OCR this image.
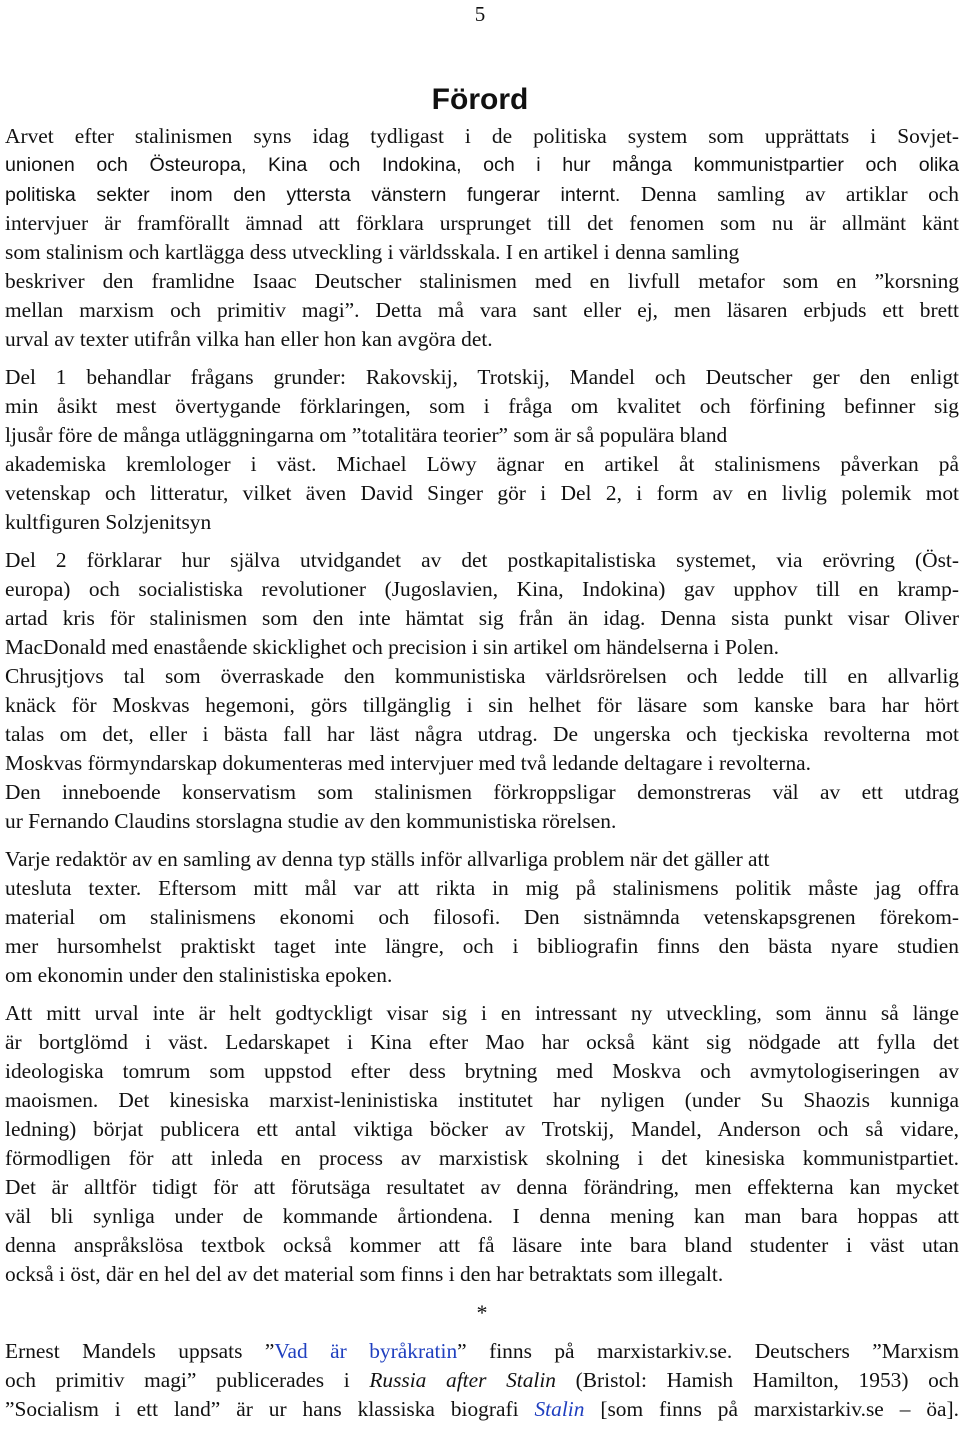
5
Förord
Arvet efter stalinismen syns idag tydligast i de politiska system som upprättats i Sovjet-
unionen och Östeuropa, Kina och Indokina, och i hur många kommunistpartier och olika
politiska sekter inom den yttersta vänstern fungerar internt. Denna samling av artiklar och
intervjuer är framförallt ämnad att förklara ursprunget till det fenomen som nu är allmänt känt
som stalinism och kartlägga dess utveckling i världsskala. I en artikel i denna samling
beskriver den framlidne Isaac Deutscher stalinismen med en livfull metafor som en ”korsning
mellan marxism och primitiv magi”. Detta må vara sant eller ej, men läsaren erbjuds ett brett
urval av texter utifrån vilka han eller hon kan avgöra det.
Del 1 behandlar frågans grunder: Rakovskij, Trotskij, Mandel och Deutscher ger den enligt
min åsikt mest övertygande förklaringen, som i fråga om kvalitet och förfining befinner sig
ljusår före de många utläggningarna om ”totalitära teorier” som är så populära bland
akademiska kremlologer i väst. Michael Löwy ägnar en artikel åt stalinismens påverkan på
vetenskap och litteratur, vilket även David Singer gör i Del 2, i form av en livlig polemik mot
kultfiguren Solzjenitsyn
Del 2 förklarar hur själva utvidgandet av det postkapitalistiska systemet, via erövring (Öst-
europa) och socialistiska revolutioner (Jugoslavien, Kina, Indokina) gav upphov till en kramp-
artad kris för stalinismen som den inte hämtat sig från än idag. Denna sista punkt visar Oliver
MacDonald med enastående skicklighet och precision i sin artikel om händelserna i Polen.
Chrusjtjovs tal som överraskade den kommunistiska världsrörelsen och ledde till en allvarlig
knäck för Moskvas hegemoni, görs tillgänglig i sin helhet för läsare som kanske bara har hört
talas om det, eller i bästa fall har läst några utdrag. De ungerska och tjeckiska revolterna mot
Moskvas förmyndarskap dokumenteras med intervjuer med två ledande deltagare i revolterna.
Den inneboende konservatism som stalinismen förkroppsligar demonstreras väl av ett utdrag
ur Fernando Claudins storslagna studie av den kommunistiska rörelsen.
Varje redaktör av en samling av denna typ ställs inför allvarliga problem när det gäller att
utesluta texter. Eftersom mitt mål var att rikta in mig på stalinismens politik måste jag offra
material om stalinismens ekonomi och filosofi. Den sistnämnda vetenskapsgrenen förekom-
mer hursomhelst praktiskt taget inte längre, och i bibliografin finns den bästa nyare studien
om ekonomin under den stalinistiska epoken.
Att mitt urval inte är helt godtyckligt visar sig i en intressant ny utveckling, som ännu så länge
är bortglömd i väst. Ledarskapet i Kina efter Mao har också känt sig nödgade att fylla det
ideologiska tomrum som uppstod efter dess brytning med Moskva och avmytologiseringen av
maoismen. Det kinesiska marxist-leninistiska institutet har nyligen (under Su Shaozis kunniga
ledning) börjat publicera ett antal viktiga böcker av Trotskij, Mandel, Anderson och så vidare,
förmodligen för att inleda en process av marxistisk skolning i det kinesiska kommunistpartiet.
Det är alltför tidigt för att förutsäga resultatet av denna förändring, men effekterna kan mycket
väl bli synliga under de kommande årtiondena. I denna mening kan man bara hoppas att
denna anspråkslösa textbok också kommer att få läsare inte bara bland studenter i väst utan
också i öst, där en hel del av det material som finns i den har betraktats som illegalt.
*
Ernest Mandels uppsats ”Vad är byråkratin” finns på marxistarkiv.se. Deutschers ”Marxism
och primitiv magi” publicerades i Russia after Stalin (Bristol: Hamish Hamilton, 1953) och
”Socialism i ett land” är ur hans klassiska biografi Stalin [som finns på marxistarkiv.se – öa].
